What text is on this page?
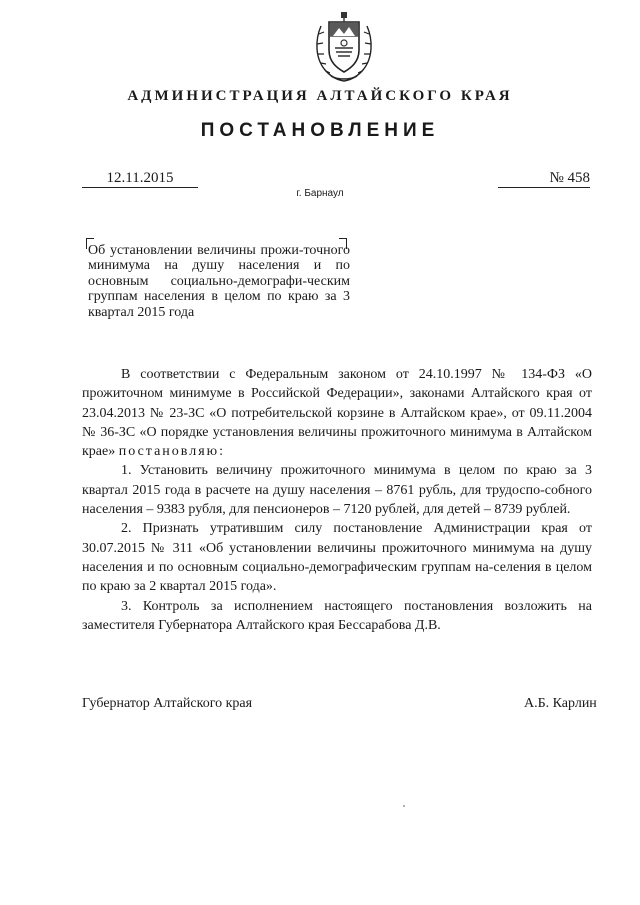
АДМИНИСТРАЦИЯ АЛТАЙСКОГО КРАЯ
ПОСТАНОВЛЕНИЕ
12.11.2015	№ 458
г. Барнаул
Об установлении величины прожи-точного минимума на душу населения и по основным социально-демографи-ческим группам населения в целом по краю за 3 квартал 2015 года

В соответствии с Федеральным законом от 24.10.1997 № 134-ФЗ «О прожиточном минимуме в Российской Федерации», законами Алтайского края от 23.04.2013 № 23-ЗС «О потребительской корзине в Алтайском крае», от 09.11.2004 № 36-ЗС «О порядке установления величины прожиточного минимума в Алтайском крае» постановляю:

1. Установить величину прожиточного минимума в целом по краю за 3 квартал 2015 года в расчете на душу населения – 8761 рубль, для трудоспо-собного населения – 9383 рубля, для пенсионеров – 7120 рублей, для детей – 8739 рублей.

2. Признать утратившим силу постановление Администрации края от 30.07.2015 № 311 «Об установлении величины прожиточного минимума на душу населения и по основным социально-демографическим группам на-селения в целом по краю за 2 квартал 2015 года».

3. Контроль за исполнением настоящего постановления возложить на заместителя Губернатора Алтайского края Бессарабова Д.В.

Губернатор Алтайского края	А.Б. Карлин
